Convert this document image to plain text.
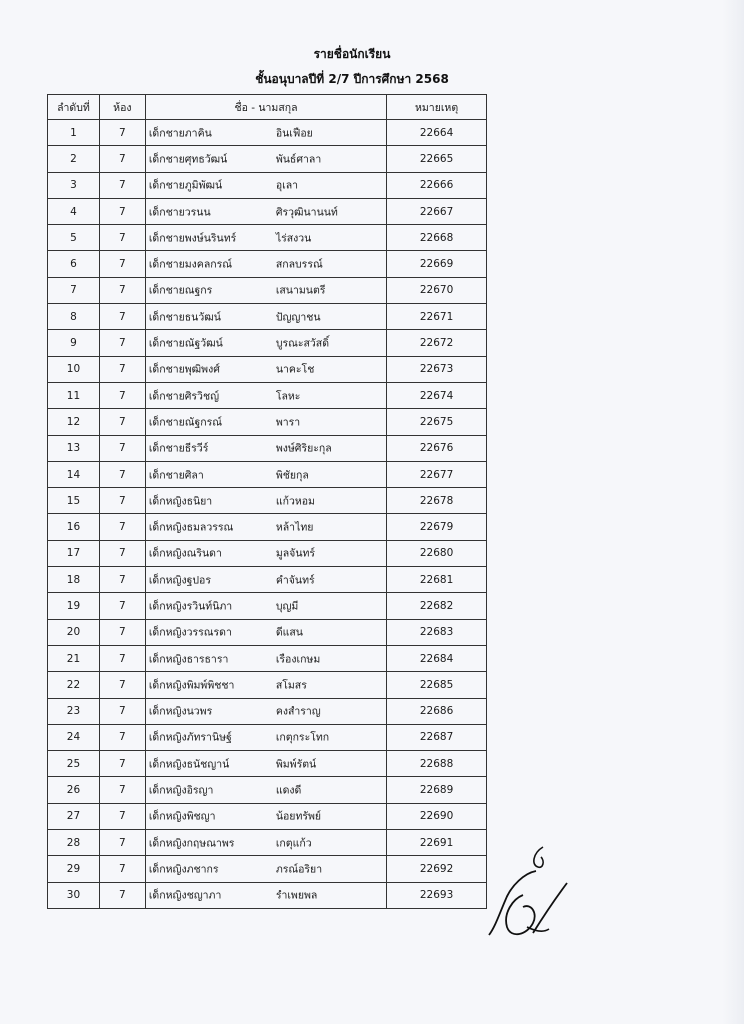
รายชื่อนักเรียน
ชั้นอนุบาลปีที่ 2/7 ปีการศึกษา 2568
ลำดับที่	ห้อง	ชื่อ - นามสกุล	หมายเหตุ
1	7	เด็กชายภาคิน อินเฟือย	22664
2	7	เด็กชายศุทธวัฒน์ พันธ์ศาลา	22665
3	7	เด็กชายภูมิพัฒน์ อุเลา	22666
4	7	เด็กชายวรนน ศิรวุฒินานนท์	22667
5	7	เด็กชายพงษ์นรินทร์ ไร่สงวน	22668
6	7	เด็กชายมงคลกรณ์ สกลบรรณ์	22669
7	7	เด็กชายณฐกร เสนามนตรี	22670
8	7	เด็กชายธนวัฒน์ ปัญญาชน	22671
9	7	เด็กชายณัฐวัฒน์ บูรณะสวัสดิ์	22672
10	7	เด็กชายพุฒิพงศ์ นาคะโช	22673
11	7	เด็กชายศิรวิชญ์ โลหะ	22674
12	7	เด็กชายณัฐกรณ์ พารา	22675
13	7	เด็กชายธีรวีร์ พงษ์ศิริยะกุล	22676
14	7	เด็กชายศิลา พิชัยกุล	22677
15	7	เด็กหญิงธนิยา แก้วหอม	22678
16	7	เด็กหญิงธมลวรรณ หล้าไทย	22679
17	7	เด็กหญิงณรินดา มูลจันทร์	22680
18	7	เด็กหญิงฐปอร คำจันทร์	22681
19	7	เด็กหญิงรวินท์นิภา บุญมี	22682
20	7	เด็กหญิงวรรณรดา ดีแสน	22683
21	7	เด็กหญิงธารธารา เรืองเกษม	22684
22	7	เด็กหญิงพิมพ์พิชชา สโมสร	22685
23	7	เด็กหญิงนวพร คงสำราญ	22686
24	7	เด็กหญิงภัทรานิษฐ์ เกตุกระโทก	22687
25	7	เด็กหญิงธนัชญาน์ พิมพ์รัตน์	22688
26	7	เด็กหญิงอิรญา แดงดี	22689
27	7	เด็กหญิงพิชญา น้อยทรัพย์	22690
28	7	เด็กหญิงกฤษณาพร เกตุแก้ว	22691
29	7	เด็กหญิงภชากร ภรณ์อริยา	22692
30	7	เด็กหญิงชญาภา รำเพยพล	22693
